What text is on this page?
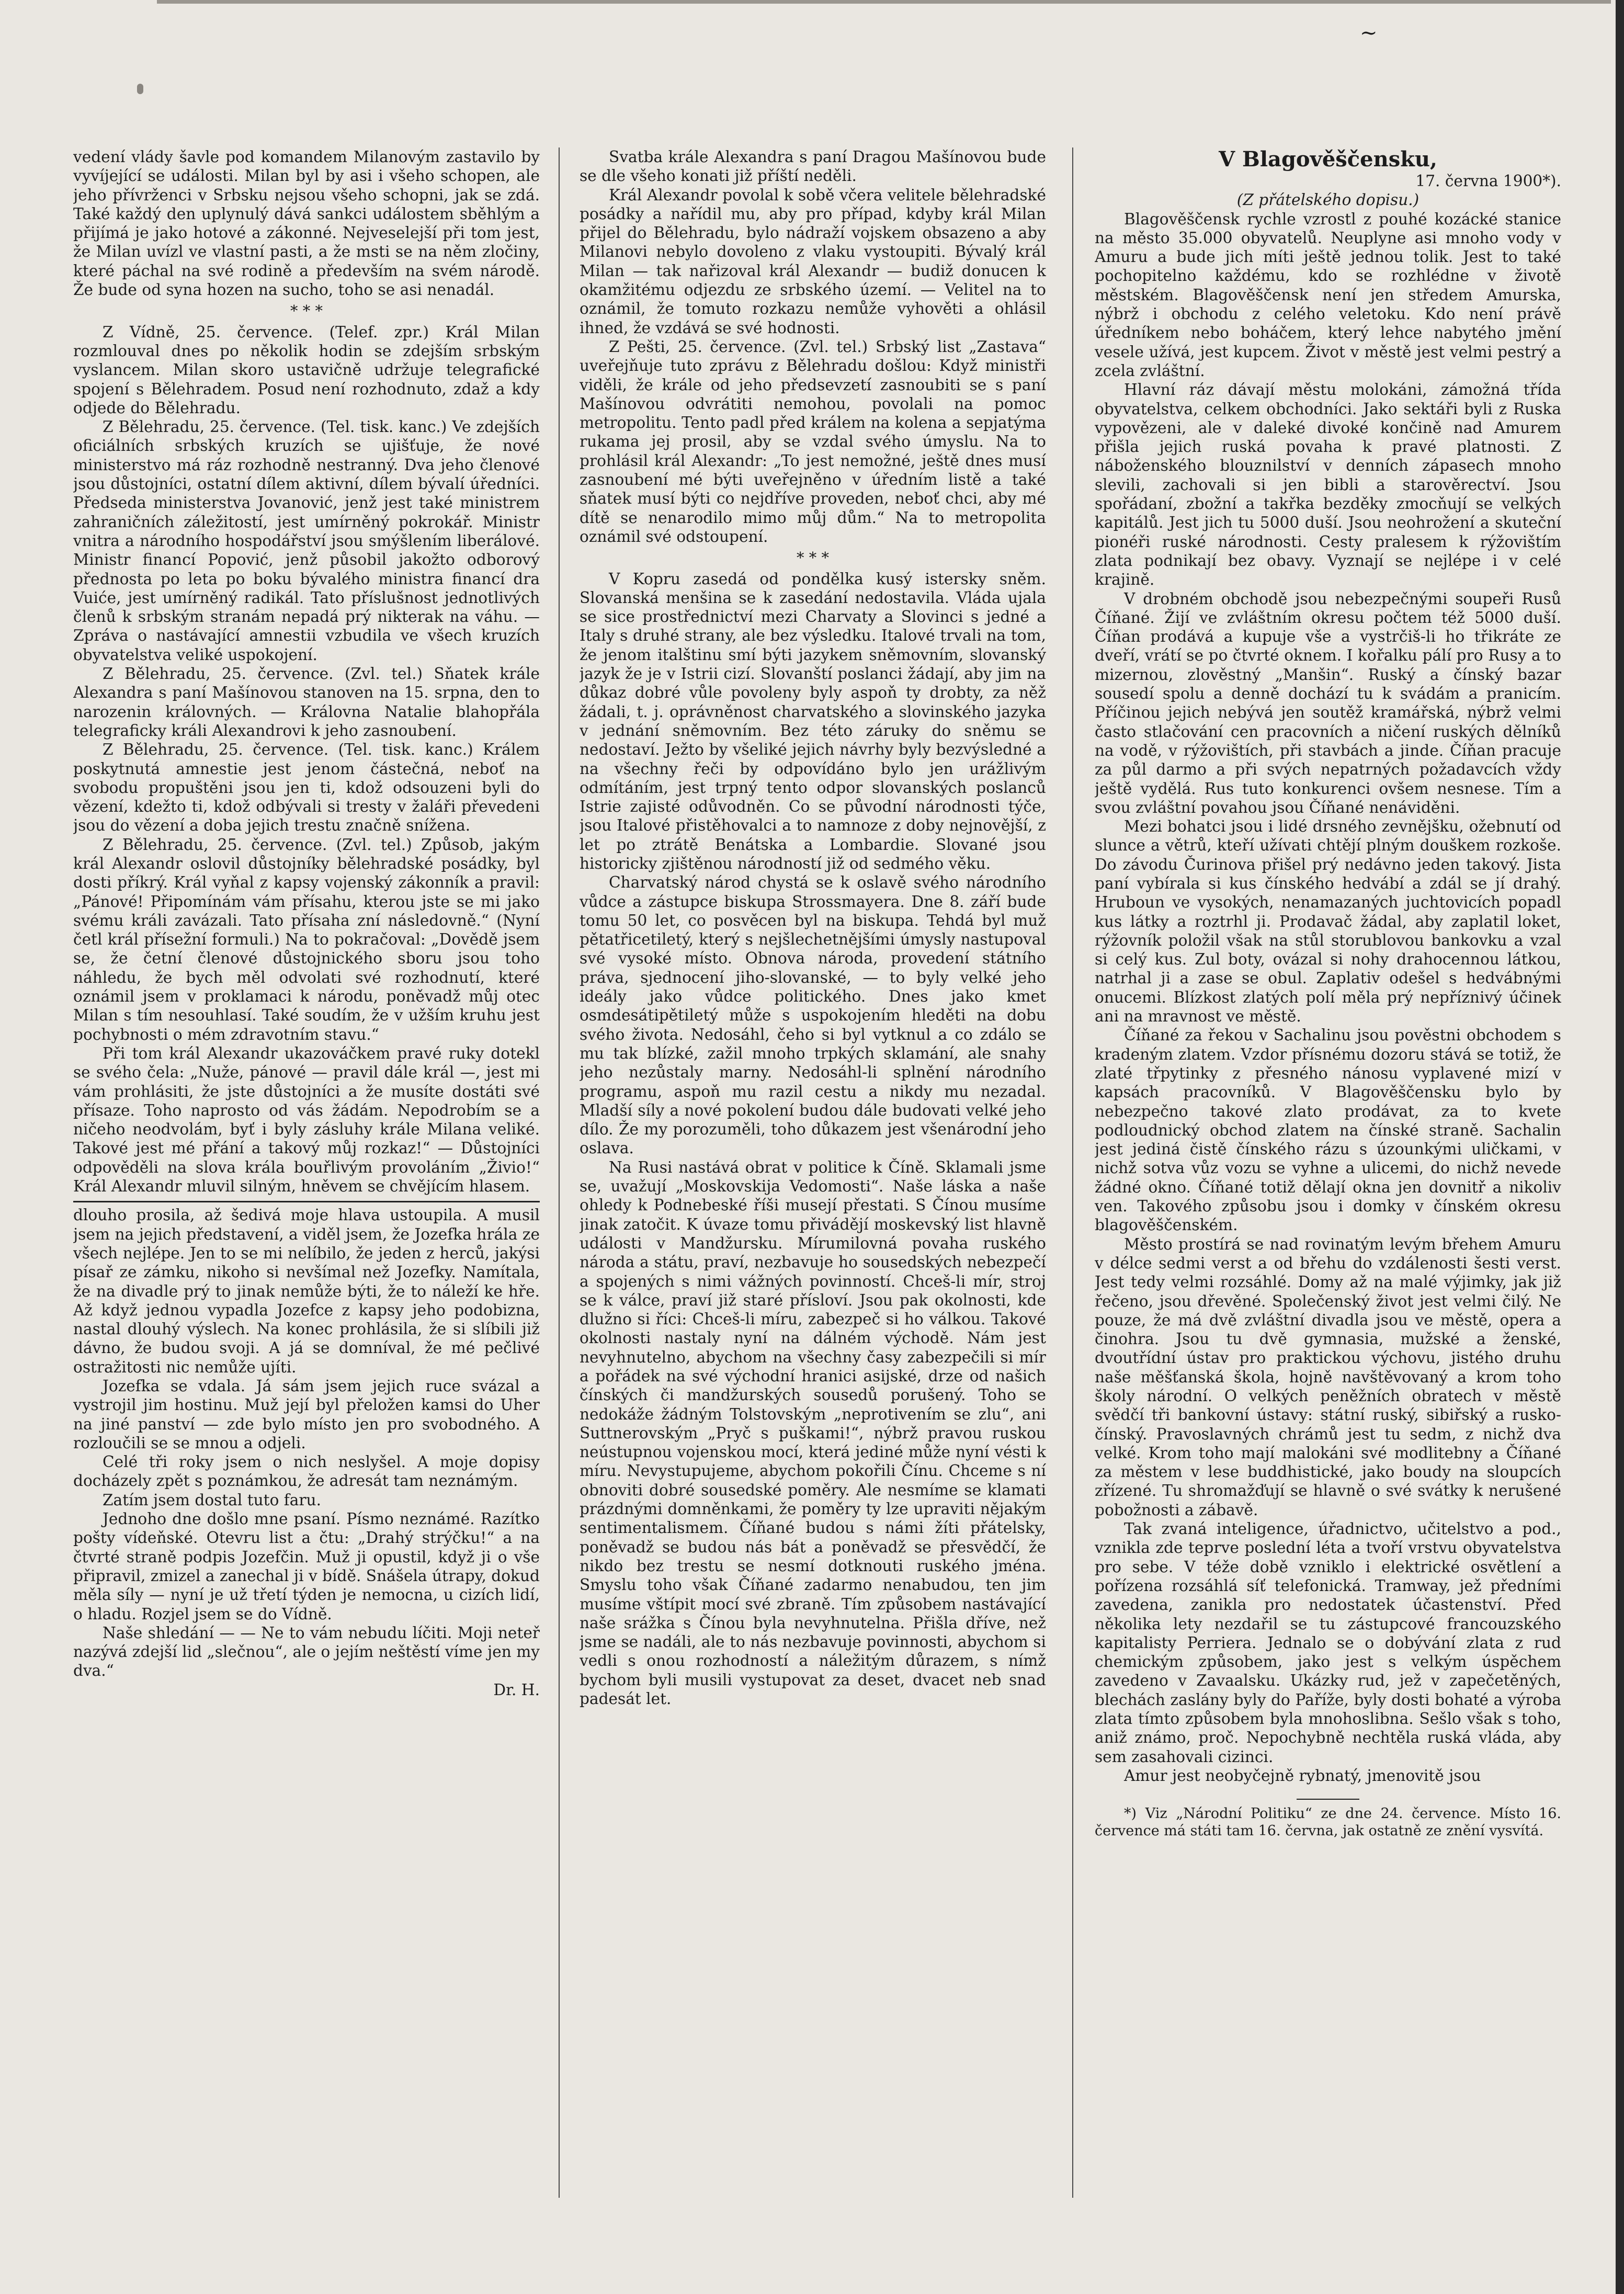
~

vedení vlády šavle pod komandem Milanovým zastavilo by vyvíjející se události. Milan byl by asi i všeho schopen, ale jeho přívrženci v Srbsku nejsou všeho schopni, jak se zdá. Také každý den uplynulý dává sankci událostem sběhlým a přijímá je jako hotové a zákonné. Nejveselejší při tom jest, že Milan uvízl ve vlastní pasti, a že msti se na něm zločiny, které páchal na své rodině a především na svém národě. Že bude od syna hozen na sucho, toho se asi nenadál.

* * *

Z Vídně, 25. července. (Telef. zpr.) Král Milan rozmlouval dnes po několik hodin se zdejším srbským vyslancem. Milan skoro ustavičně udržuje telegrafické spojení s Bělehradem. Posud není rozhodnuto, zdaž a kdy odjede do Bělehradu.

Z Bělehradu, 25. července. (Tel. tisk. kanc.) Ve zdejších oficiálních srbských kruzích se ujišťuje, že nové ministerstvo má ráz rozhodně nestranný. Dva jeho členové jsou důstojníci, ostatní dílem aktivní, dílem bývalí úředníci. Předseda ministerstva Jovanović, jenž jest také ministrem zahraničních záležitostí, jest umírněný pokrokář. Ministr vnitra a národního hospodářství jsou smýšlením liberálové. Ministr financí Popović, jenž působil jakožto odborový přednosta po leta po boku bývalého ministra financí dra Vuiće, jest umírněný radikál. Tato příslušnost jednotlivých členů k srbským stranám nepadá prý nikterak na váhu. — Zpráva o nastávající amnestii vzbudila ve všech kruzích obyvatelstva veliké uspokojení.

Z Bělehradu, 25. července. (Zvl. tel.) Sňatek krále Alexandra s paní Mašínovou stanoven na 15. srpna, den to narozenin královných. — Královna Natalie blahopřála telegraficky králi Alexandrovi k jeho zasnoubení.

Z Bělehradu, 25. července. (Tel. tisk. kanc.) Králem poskytnutá amnestie jest jenom částečná, neboť na svobodu propuštěni jsou jen ti, kdož odsouzeni byli do vězení, kdežto ti, kdož odbývali si tresty v žaláři převedeni jsou do vězení a doba jejich trestu značně snížena.

Z Bělehradu, 25. července. (Zvl. tel.) Způsob, jakým král Alexandr oslovil důstojníky bělehradské posádky, byl dosti příkrý. Král vyňal z kapsy vojenský zákonník a pravil: „Pánové! Připomínám vám přísahu, kterou jste se mi jako svému králi zavázali. Tato přísaha zní následovně.“ (Nyní četl král přísežní formuli.) Na to pokračoval: „Dovědě jsem se, že četní členové důstojnického sboru jsou toho náhledu, že bych měl odvolati své rozhodnutí, které oznámil jsem v proklamaci k národu, poněvadž můj otec Milan s tím nesouhlasí. Také soudím, že v užším kruhu jest pochybnosti o mém zdravotním stavu.“

Při tom král Alexandr ukazováčkem pravé ruky dotekl se svého čela: „Nuže, pánové — pravil dále král —, jest mi vám prohlásiti, že jste důstojníci a že musíte dostáti své přísaze. Toho naprosto od vás žádám. Nepodrobím se a ničeho neodvolám, byť i byly zásluhy krále Milana veliké. Takové jest mé přání a takový můj rozkaz!“ — Důstojníci odpověděli na slova krála bouřlivým provoláním „Živio!“ Král Alexandr mluvil silným, hněvem se chvějícím hlasem.

dlouho prosila, až šedivá moje hlava ustoupila. A musil jsem na jejich představení, a viděl jsem, že Jozefka hrála ze všech nejlépe. Jen to se mi nelíbilo, že jeden z herců, jakýsi písař ze zámku, nikoho si nevšímal než Jozefky. Namítala, že na divadle prý to jinak nemůže býti, že to náleží ke hře. Až když jednou vypadla Jozefce z kapsy jeho podobizna, nastal dlouhý výslech. Na konec prohlásila, že si slíbili již dávno, že budou svoji. A já se domníval, že mé pečlivé ostražitosti nic nemůže ujíti.

Jozefka se vdala. Já sám jsem jejich ruce svázal a vystrojil jim hostinu. Muž její byl přeložen kamsi do Uher na jiné panství — zde bylo místo jen pro svobodného. A rozloučili se se mnou a odjeli.

Celé tři roky jsem o nich neslyšel. A moje dopisy docházely zpět s poznámkou, že adresát tam neznámým.

Zatím jsem dostal tuto faru.

Jednoho dne došlo mne psaní. Písmo neznámé. Razítko pošty vídeňské. Otevru list a čtu: „Drahý strýčku!“ a na čtvrté straně podpis Jozefčin. Muž ji opustil, když ji o vše připravil, zmizel a zanechal ji v bídě. Snášela útrapy, dokud měla síly — nyní je už třetí týden je nemocna, u cizích lidí, o hladu. Rozjel jsem se do Vídně.

Naše shledání — — Ne to vám nebudu líčiti. Moji neteř nazývá zdejší lid „slečnou“, ale o jejím neštěstí víme jen my dva.“

Dr. H.

Svatba krále Alexandra s paní Dragou Mašínovou bude se dle všeho konati již příští neděli.

Král Alexandr povolal k sobě včera velitele bělehradské posádky a nařídil mu, aby pro případ, kdyby král Milan přijel do Bělehradu, bylo nádraží vojskem obsazeno a aby Milanovi nebylo dovoleno z vlaku vystoupiti. Bývalý král Milan — tak nařizoval král Alexandr — budiž donucen k okamžitému odjezdu ze srbského území. — Velitel na to oznámil, že tomuto rozkazu nemůže vyhověti a ohlásil ihned, že vzdává se své hodnosti.

Z Pešti, 25. července. (Zvl. tel.) Srbský list „Zastava“ uveřejňuje tuto zprávu z Bělehradu došlou: Když ministři viděli, že krále od jeho předsevzetí zasnoubiti se s paní Mašínovou odvrátiti nemohou, povolali na pomoc metropolitu. Tento padl před králem na kolena a sepjatýma rukama jej prosil, aby se vzdal svého úmyslu. Na to prohlásil král Alexandr: „To jest nemožné, ještě dnes musí zasnoubení mé býti uveřejněno v úředním listě a také sňatek musí býti co nejdříve proveden, neboť chci, aby mé dítě se nenarodilo mimo můj dům.“ Na to metropolita oznámil své odstoupení.

* * *

V Kopru zasedá od pondělka kusý istersky sněm. Slovanská menšina se k zasedání nedostavila. Vláda ujala se sice prostřednictví mezi Charvaty a Slovinci s jedné a Italy s druhé strany, ale bez výsledku. Italové trvali na tom, že jenom italštinu smí býti jazykem sněmovním, slovanský jazyk že je v Istrii cizí. Slovanští poslanci žádají, aby jim na důkaz dobré vůle povoleny byly aspoň ty drobty, za něž žádali, t. j. oprávněnost charvatského a slovinského jazyka v jednání sněmovním. Bez této záruky do sněmu se nedostaví. Ježto by všeliké jejich návrhy byly bezvýsledné a na všechny řeči by odpovídáno bylo jen urážlivým odmítáním, jest trpný tento odpor slovanských poslanců Istrie zajisté odůvodněn. Co se původní národnosti týče, jsou Italové přistěhovalci a to namnoze z doby nejnovější, z let po ztrátě Benátska a Lombardie. Slované jsou historicky zjištěnou národností již od sedmého věku.

Charvatský národ chystá se k oslavě svého národního vůdce a zástupce biskupa Strossmayera. Dne 8. září bude tomu 50 let, co posvěcen byl na biskupa. Tehdá byl muž pětatřicetiletý, který s nejšlechetnějšími úmysly nastupoval své vysoké místo. Obnova národa, provedení státního práva, sjednocení jiho-slovanské, — to byly velké jeho ideály jako vůdce politického. Dnes jako kmet osmdesátipětiletý může s uspokojením hleděti na dobu svého života. Nedosáhl, čeho si byl vytknul a co zdálo se mu tak blízké, zažil mnoho trpkých sklamání, ale snahy jeho nezůstaly marny. Nedosáhl-li splnění národního programu, aspoň mu razil cestu a nikdy mu nezadal. Mladší síly a nové pokolení budou dále budovati velké jeho dílo. Že my porozuměli, toho důkazem jest všenárodní jeho oslava.

Na Rusi nastává obrat v politice k Číně. Sklamali jsme se, uvažují „Moskovskija Vedomosti“. Naše láska a naše ohledy k Podnebeské říši musejí přestati. S Čínou musíme jinak zatočit. K úvaze tomu přivádějí moskevský list hlavně události v Mandžursku. Mírumilovná povaha ruského národa a státu, praví, nezbavuje ho sousedských nebezpečí a spojených s nimi vážných povinností. Chceš-li mír, stroj se k válce, praví již staré přísloví. Jsou pak okolnosti, kde dlužno si říci: Chceš-li míru, zabezpeč si ho válkou. Takové okolnosti nastaly nyní na dálném východě. Nám jest nevyhnutelno, abychom na všechny časy zabezpečili si mír a pořádek na své východní hranici asijské, drze od našich čínských či mandžurských sousedů porušený. Toho se nedokáže žádným Tolstovským „neprotivením se zlu“, ani Suttnerovským „Pryč s puškami!“, nýbrž pravou ruskou neústupnou vojenskou mocí, která jediné může nyní vésti k míru. Nevystupujeme, abychom pokořili Čínu. Chceme s ní obnoviti dobré sousedské poměry. Ale nesmíme se klamati prázdnými domněnkami, že poměry ty lze upraviti nějakým sentimentalismem. Číňané budou s námi žíti přátelsky, poněvadž se budou nás bát a poněvadž se přesvědčí, že nikdo bez trestu se nesmí dotknouti ruského jména. Smyslu toho však Číňané zadarmo nenabudou, ten jim musíme vštípit mocí své zbraně. Tím způsobem nastávající naše srážka s Čínou byla nevyhnutelna. Přišla dříve, než jsme se nadáli, ale to nás nezbavuje povinnosti, abychom si vedli s onou rozhodností a náležitým důrazem, s nímž bychom byli musili vystupovat za deset, dvacet neb snad padesát let.

V Blagověščensku,
17. června 1900*).
(Z přátelského dopisu.)

Blagověščensk rychle vzrostl z pouhé kozácké stanice na město 35.000 obyvatelů. Neuplyne asi mnoho vody v Amuru a bude jich míti ještě jednou tolik. Jest to také pochopitelno každému, kdo se rozhlédne v životě městském. Blagověščensk není jen středem Amurska, nýbrž i obchodu z celého veletoku. Kdo není právě úředníkem nebo boháčem, který lehce nabytého jmění vesele užívá, jest kupcem. Život v městě jest velmi pestrý a zcela zvláštní.

Hlavní ráz dávají městu molokáni, zámožná třída obyvatelstva, celkem obchodníci. Jako sektáři byli z Ruska vypovězeni, ale v daleké divoké končině nad Amurem přišla jejich ruská povaha k pravé platnosti. Z náboženského blouznilství v denních zápasech mnoho slevili, zachovali si jen bibli a starověrectví. Jsou spořádaní, zbožní a takřka bezděky zmocňují se velkých kapitálů. Jest jich tu 5000 duší. Jsou neohrožení a skuteční pionéři ruské národnosti. Cesty pralesem k rýžovištím zlata podnikají bez obavy. Vyznají se nejlépe i v celé krajině.

V drobném obchodě jsou nebezpečnými soupeři Rusů Číňané. Žijí ve zvláštním okresu počtem též 5000 duší. Číňan prodává a kupuje vše a vystrčiš-li ho třikráte ze dveří, vrátí se po čtvrté oknem. I kořalku pálí pro Rusy a to mizernou, zlověstný „Manšin“. Ruský a čínský bazar sousedí spolu a denně dochází tu k svádám a pranicím. Příčinou jejich nebývá jen soutěž kramářská, nýbrž velmi často stlačování cen pracovních a ničení ruských dělníků na vodě, v rýžovištích, při stavbách a jinde. Číňan pracuje za půl darmo a při svých nepatrných požadavcích vždy ještě vydělá. Rus tuto konkurenci ovšem nesnese. Tím a svou zvláštní povahou jsou Číňané nenáviděni.

Mezi bohatci jsou i lidé drsného zevnějšku, ožebnutí od slunce a větrů, kteří užívati chtějí plným douškem rozkoše. Do závodu Čurinova přišel prý nedávno jeden takový. Jista paní vybírala si kus čínského hedvábí a zdál se jí drahý. Hruboun ve vysokých, nenamazaných juchtovicích popadl kus látky a roztrhl ji. Prodavač žádal, aby zaplatil loket, rýžovník položil však na stůl storublovou bankovku a vzal si celý kus. Zul boty, ovázal si nohy drahocennou látkou, natrhal ji a zase se obul. Zaplativ odešel s hedvábnými onucemi. Blízkost zlatých polí měla prý nepříznivý účinek ani na mravnost ve městě.

Číňané za řekou v Sachalinu jsou pověstni obchodem s kradeným zlatem. Vzdor přísnému dozoru stává se totiž, že zlaté třpytinky z přesného nánosu vyplavené mizí v kapsách pracovníků. V Blagověščensku bylo by nebezpečno takové zlato prodávat, za to kvete podloudnický obchod zlatem na čínské straně. Sachalin jest jediná čistě čínského rázu s úzounkými uličkami, v nichž sotva vůz vozu se vyhne a ulicemi, do nichž nevede žádné okno. Číňané totiž dělají okna jen dovnitř a nikoliv ven. Takového způsobu jsou i domky v čínském okresu blagověščenském.

Město prostírá se nad rovinatým levým břehem Amuru v délce sedmi verst a od břehu do vzdálenosti šesti verst. Jest tedy velmi rozsáhlé. Domy až na malé výjimky, jak již řečeno, jsou dřevěné. Společenský život jest velmi čilý. Ne pouze, že má dvě zvláštní divadla jsou ve městě, opera a činohra. Jsou tu dvě gymnasia, mužské a ženské, dvoutřídní ústav pro praktickou výchovu, jistého druhu naše měšťanská škola, hojně navštěvovaný a krom toho školy národní. O velkých peněžních obratech v městě svědčí tři bankovní ústavy: státní ruský, sibiřský a rusko-čínský. Pravoslavných chrámů jest tu sedm, z nichž dva velké. Krom toho mají malokáni své modlitebny a Číňané za městem v lese buddhistické, jako boudy na sloupcích zřízené. Tu shromažďují se hlavně o své svátky k nerušené pobožnosti a zábavě.

Tak zvaná inteligence, úřadnictvo, učitelstvo a pod., vznikla zde teprve poslední léta a tvoří vrstvu obyvatelstva pro sebe. V téže době vzniklo i elektrické osvětlení a pořízena rozsáhlá síť telefonická. Tramway, jež předními zavedena, zanikla pro nedostatek účastenství. Před několika lety nezdařil se tu zástupcové francouzského kapitalisty Perriera. Jednalo se o dobývání zlata z rud chemickým způsobem, jako jest s velkým úspěchem zavedeno v Zavaalsku. Ukázky rud, jež v zapečetěných, blechách zaslány byly do Paříže, byly dosti bohaté a výroba zlata tímto způsobem byla mnohoslibna. Sešlo však s toho, aniž známo, proč. Nepochybně nechtěla ruská vláda, aby sem zasahovali cizinci.

Amur jest neobyčejně rybnatý, jmenovitě jsou

*) Viz „Národní Politiku“ ze dne 24. července. Místo 16. července má státi tam 16. června, jak ostatně ze znění vysvítá.
